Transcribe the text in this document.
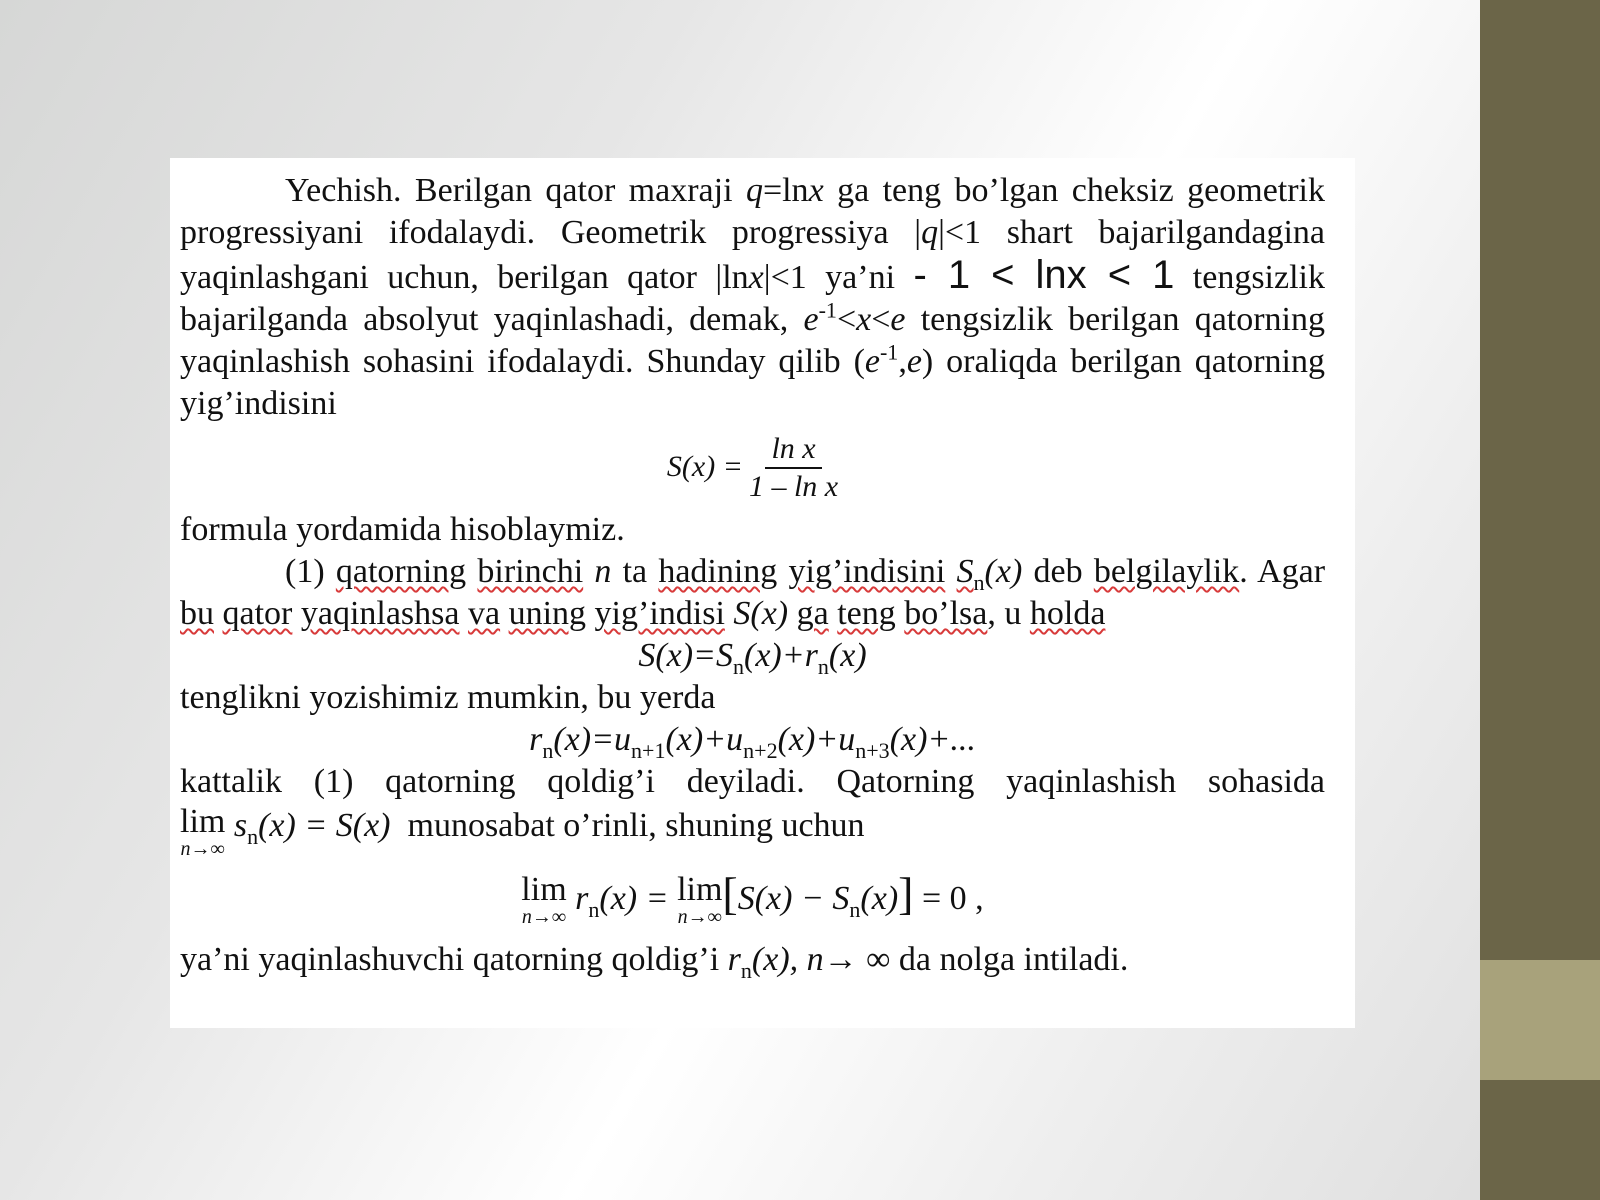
Yechish. Berilgan qator maxraji q=lnx ga teng bo’lgan cheksiz geometrik progressiyani ifodalaydi. Geometrik progressiya |q|<1 shart bajarilgandagina yaqinlashgani uchun, berilgan qator |lnx|<1 ya’ni - 1 < lnx < 1 tengsizlik bajarilganda absolyut yaqinlashadi, demak, $e^{-1}<x<e$ tengsizlik berilgan qatorning yaqinlashish sohasini ifodalaydi. Shunday qilib $(e^{-1},e)$ oraliqda berilgan qatorning

yig’indisini

$S(x) = \frac{\text{ln x}}{\text{1 – ln x}}$

formula yordamida hisoblaymiz.

(1) qatorning birinchi n ta hadining yig’indisini $S_n(x)$ deb belgilaylik. Agar

bu qator yaqinlashsa va uning yig’indisi S(x) ga teng bo’lsa, u holda

$S(x)=S_n(x)+r_n(x)$

tenglikni yozishimiz mumkin, bu yerda

$r_n(x)=u_{n+1}(x)+u_{n+2}(x)+u_{n+3}(x)+$...

kattalik (1) qatorning qoldig’i deyiladi. Qatorning yaqinlashish sohasida

lim
n→∞
$s_n(x) = S(x)$ munosabat o’rinli, shuning uchun

lim
n→∞ $r_n(x) = \lim$
n→∞ $[S(x) - S_n(x)] = 0$ ,

ya’ni yaqinlashuvchi qatorning qoldig’i $r_n(x)$, n→ ∞ da nolga intiladi.
